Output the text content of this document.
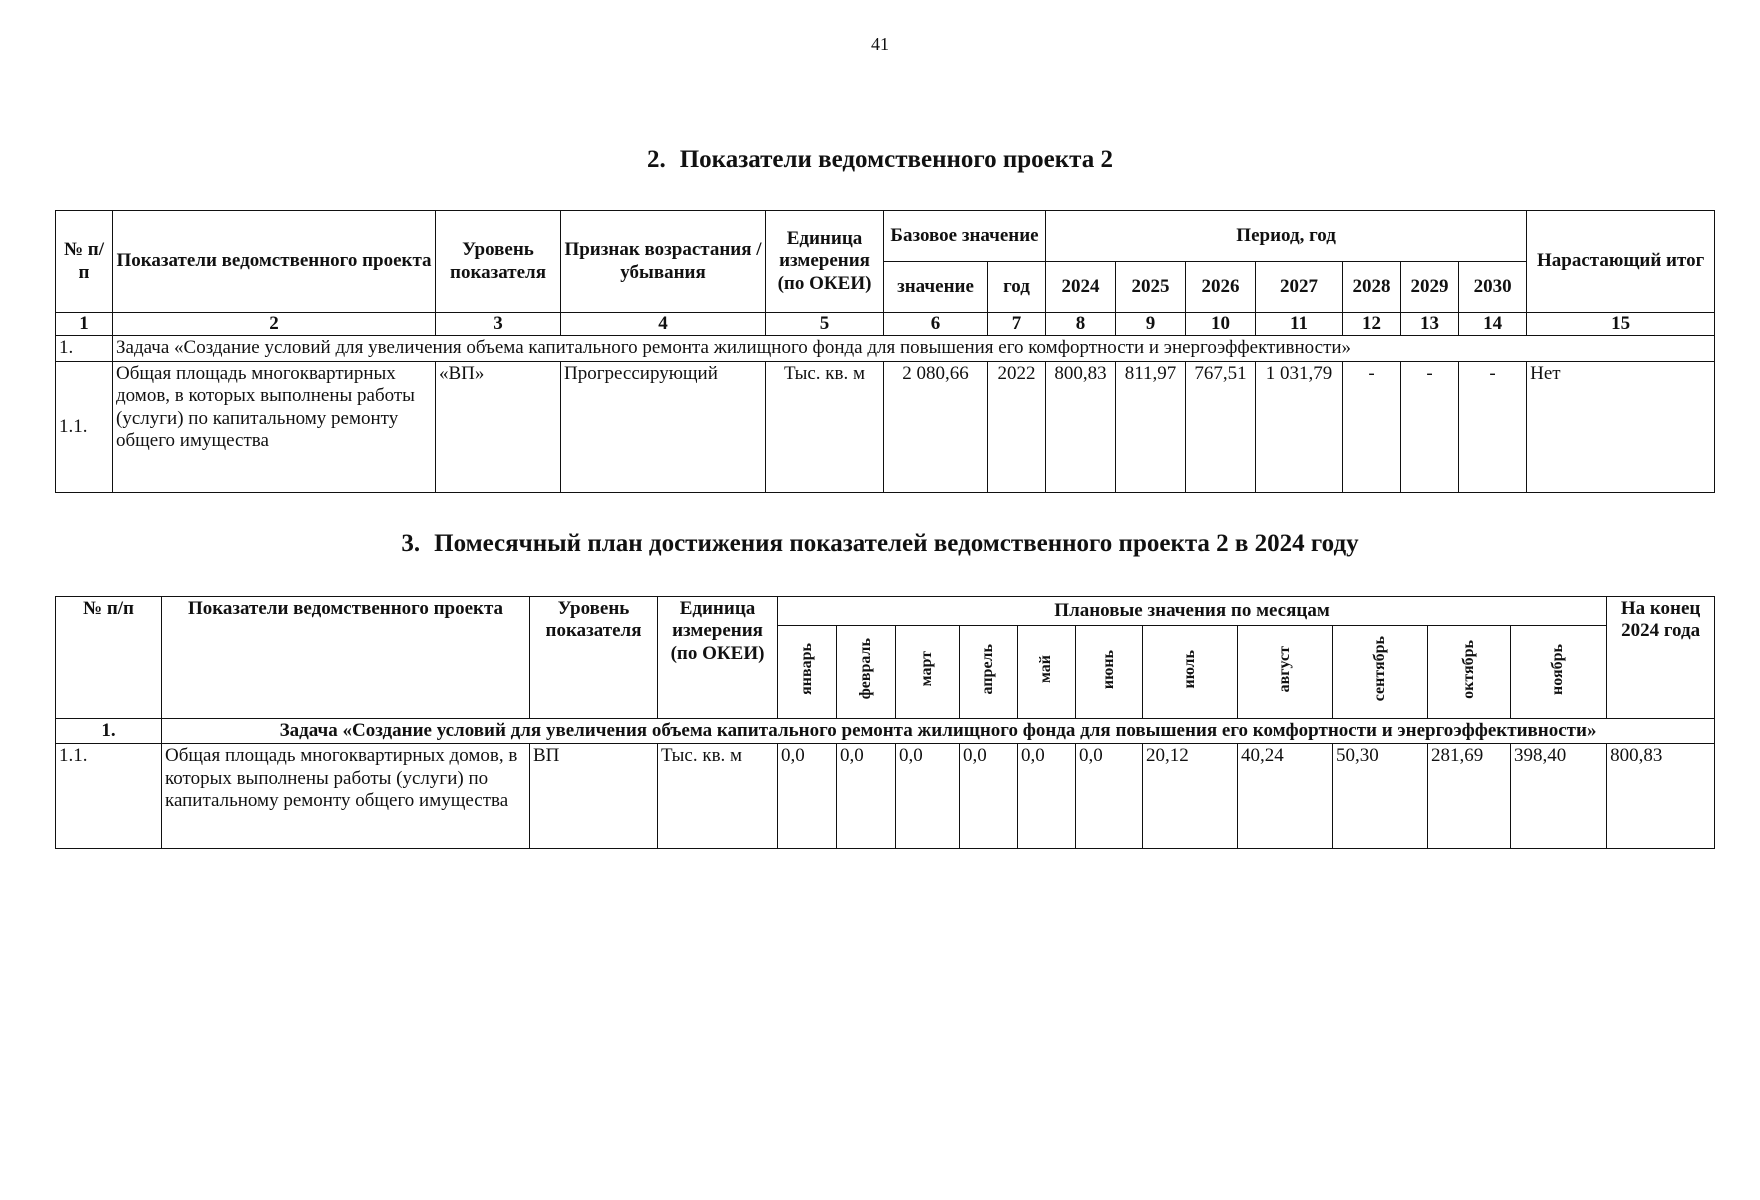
41
2. Показатели ведомственного проекта 2
№ п/п	Показатели ведомственного проекта	Уровень показателя	Признак возрастания / убывания	Единица измерения (по ОКЕИ)	Базовое значение		Период, год							Нарастающий итог
					значение	год	2024	2025	2026	2027	2028	2029	2030	
1	2	3	4	5	6	7	8	9	10	11	12	13	14	15
1.	Задача «Создание условий для увеличения объема капитального ремонта жилищного фонда для повышения его комфортности и энергоэффективности»													
1.1.	Общая площадь многоквартирных домов, в которых выполнены работы (услуги) по капитальному ремонту общего имущества	«ВП»	Прогрессирующий	Тыс. кв. м	2 080,66	2022	800,83	811,97	767,51	1 031,79	-	-	-	Нет
3. Помесячный план достижения показателей ведомственного проекта 2 в 2024 году
№ п/п	Показатели ведомственного проекта	Уровень показателя	Единица измерения (по ОКЕИ)	Плановые значения по месяцам											На конец 2024 года
				январь	февраль	март	апрель	май	июнь	июль	август	сентябрь	октябрь	ноябрь	
1.	Задача «Создание условий для увеличения объема капитального ремонта жилищного фонда для повышения его комфортности и энергоэффективности»														
1.1.	Общая площадь многоквартирных домов, в которых выполнены работы (услуги) по капитальному ремонту общего имущества	ВП	Тыс. кв. м	0,0	0,0	0,0	0,0	0,0	0,0	20,12	40,24	50,30	281,69	398,40	800,83
